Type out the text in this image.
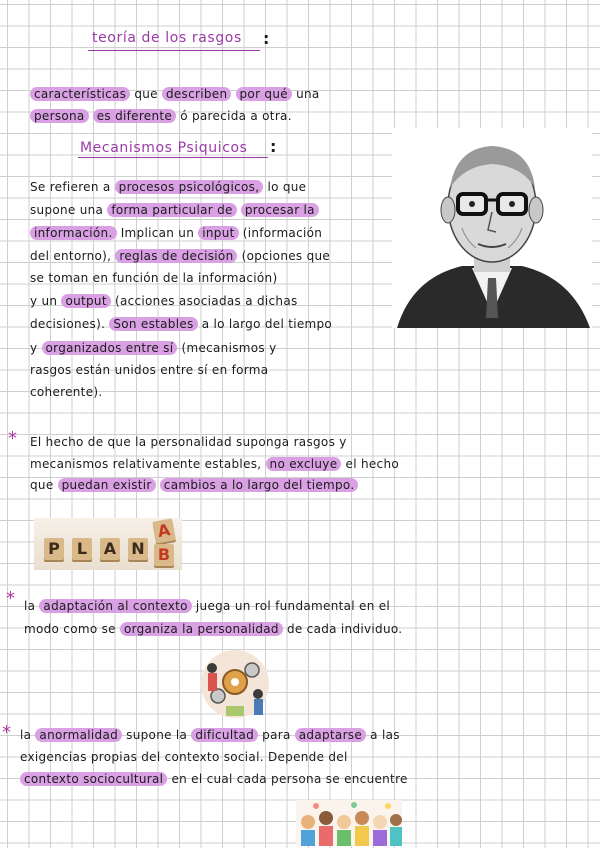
teoría de los rasgos :
características que describen por qué una
persona es diferente ó parecida a otra.
Mecanismos Psiquicos :
Se refieren a procesos psicológicos, lo que
supone una forma particular de procesar la
información. Implican un input (información
del entorno), reglas de decisión (opciones que
se toman en función de la información)
y un output (acciones asociadas a dichas
decisiones). Son estables a lo largo del tiempo
y organizados entre sí (mecanismos y
rasgos están unidos entre sí en forma
coherente).
* El hecho de que la personalidad suponga rasgos y
mecanismos relativamente estables, no excluye el hecho
que puedan existir cambios a lo largo del tiempo.
P	L	A N
A
B
* la adaptación al contexto juega un rol fundamental en el
modo como se organiza la personalidad de cada individuo.
* la anormalidad supone la dificultad para adaptarse a las
exigencias propias del contexto social. Depende del
contexto sociocultural en el cual cada persona se encuentre
